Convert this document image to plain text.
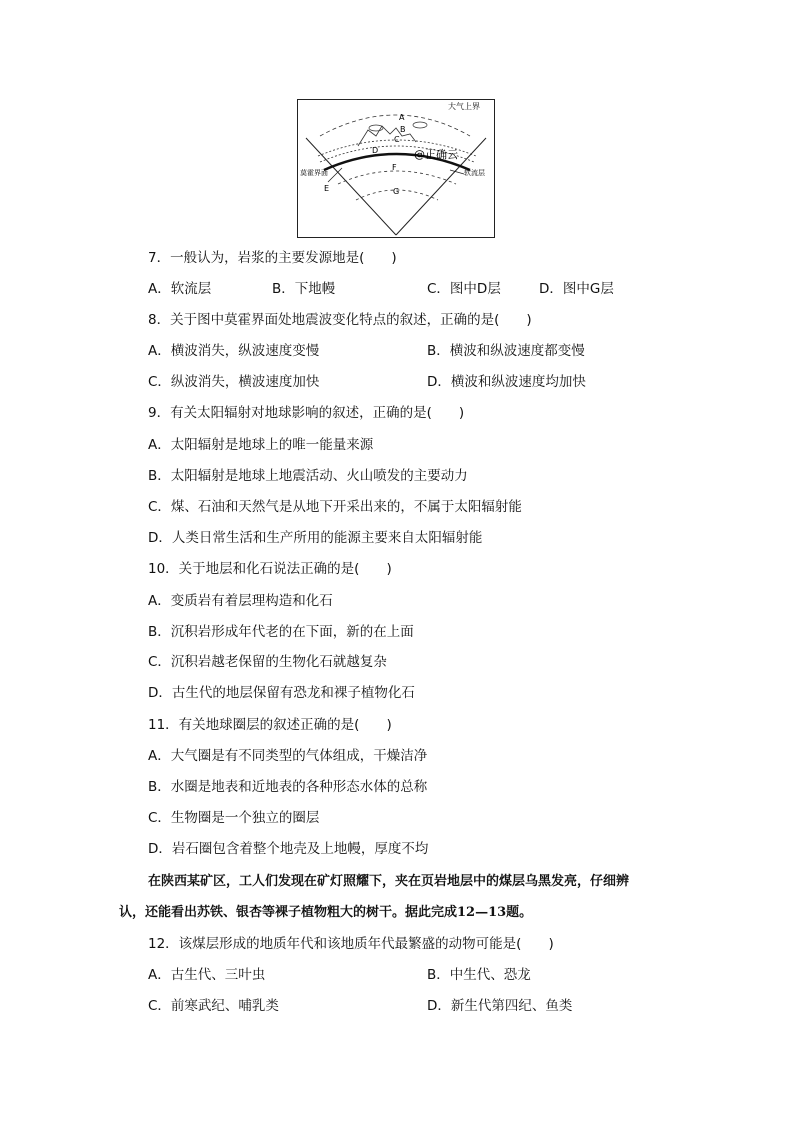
大气上界
A
B
C
D	@正确云
F
莫霍界面	软流层
E	G
7．一般认为，岩浆的主要发源地是(　　)
A．软流层	B．下地幔	C．图中D层	D．图中G层
8．关于图中莫霍界面处地震波变化特点的叙述，正确的是(　　)
A．横波消失，纵波速度变慢	B．横波和纵波速度都变慢
C．纵波消失，横波速度加快	D．横波和纵波速度均加快
9．有关太阳辐射对地球影响的叙述，正确的是(　　)
A．太阳辐射是地球上的唯一能量来源
B．太阳辐射是地球上地震活动、火山喷发的主要动力
C．煤、石油和天然气是从地下开采出来的，不属于太阳辐射能
D．人类日常生活和生产所用的能源主要来自太阳辐射能
10．关于地层和化石说法正确的是(　　)
A．变质岩有着层理构造和化石
B．沉积岩形成年代老的在下面，新的在上面
C．沉积岩越老保留的生物化石就越复杂
D．古生代的地层保留有恐龙和裸子植物化石
11．有关地球圈层的叙述正确的是(　　)
A．大气圈是有不同类型的气体组成，干燥洁净
B．水圈是地表和近地表的各种形态水体的总称
C．生物圈是一个独立的圈层
D．岩石圈包含着整个地壳及上地幔，厚度不均
在陕西某矿区，工人们发现在矿灯照耀下，夹在页岩地层中的煤层乌黑发亮，仔细辨
认，还能看出苏铁、银杏等裸子植物粗大的树干。据此完成12—13题。
12．该煤层形成的地质年代和该地质年代最繁盛的动物可能是(　　)
A．古生代、三叶虫	B．中生代、恐龙
C．前寒武纪、哺乳类	D．新生代第四纪、鱼类
